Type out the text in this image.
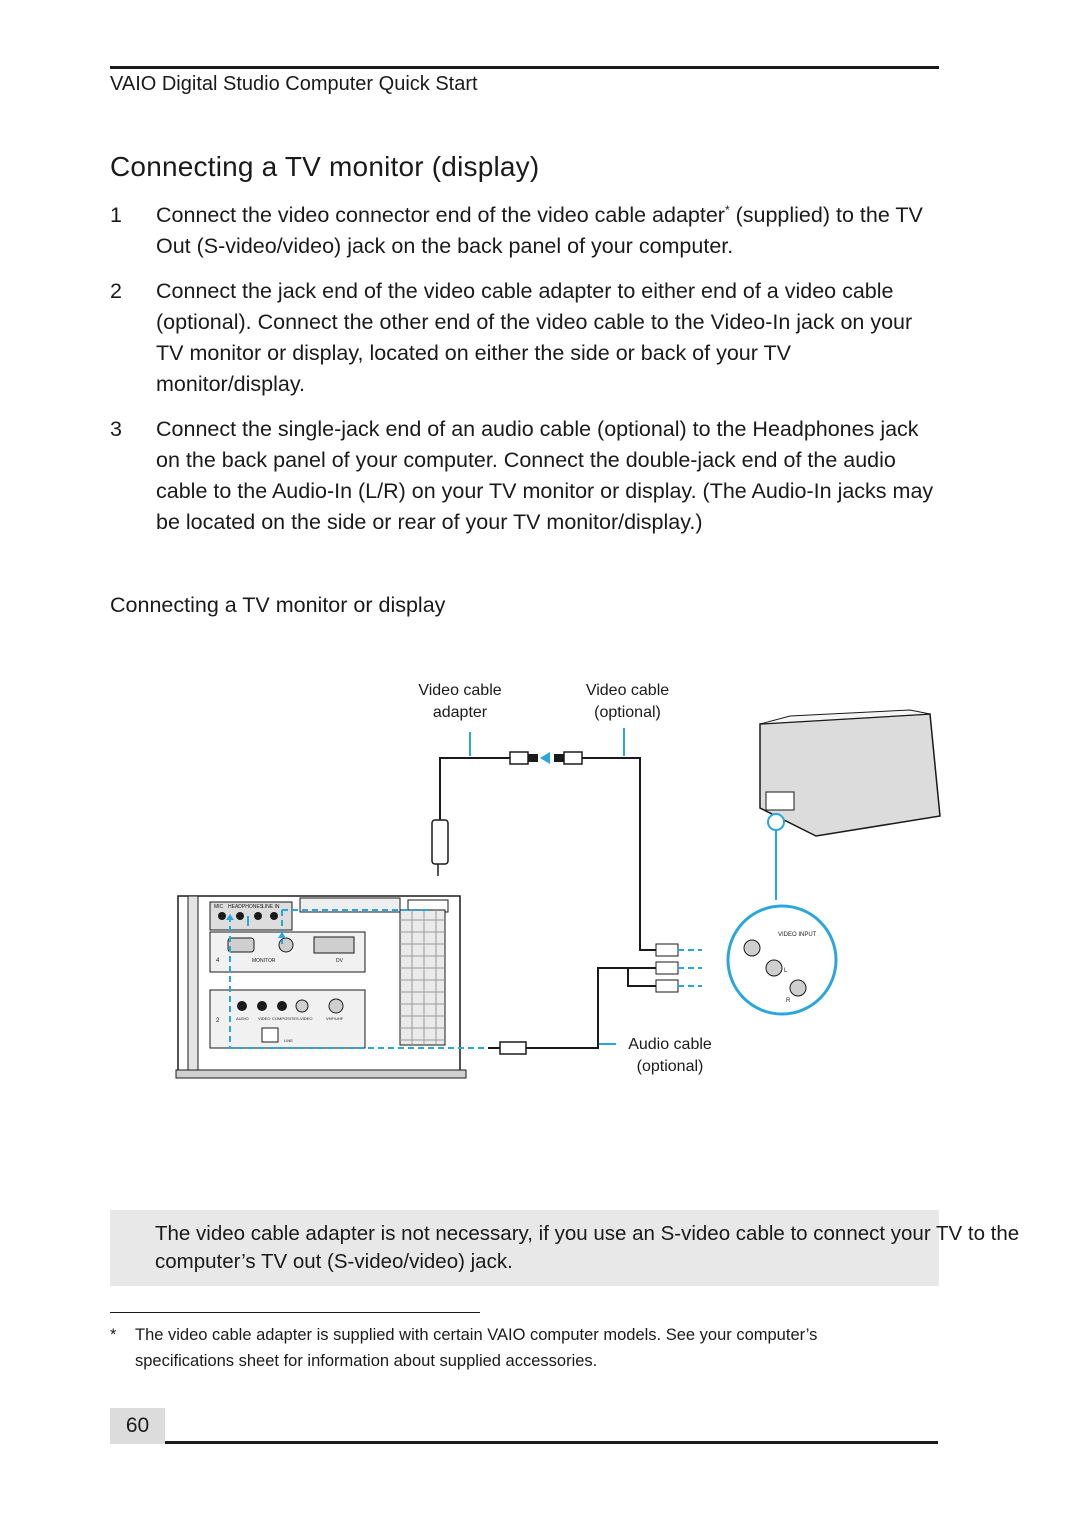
VAIO Digital Studio Computer Quick Start
Connecting a TV monitor (display)
1	Connect the video connector end of the video cable adapter* (supplied) to the TV Out (S-video/video) jack on the back panel of your computer.
2	Connect the jack end of the video cable adapter to either end of a video cable (optional). Connect the other end of the video cable to the Video-In jack on your TV monitor or display, located on either the side or back of your TV monitor/display.
3	Connect the single-jack end of an audio cable (optional) to the Headphones jack on the back panel of your computer. Connect the double-jack end of the audio cable to the Audio-In (L/R) on your TV monitor or display. (The Audio-In jacks may be located on the side or rear of your TV monitor/display.)
Connecting a TV monitor or display
Video cable
adapter
Video cable
(optional)
Audio cable
(optional)
MIC HEADPHONES
LINE IN
4	MONITOR	DV
2	AUDIO VIDEO COMPOSITE S-VIDEO	VHF/UHF
LINE
VIDEO INPUT
L
R
The video cable adapter is not necessary, if you use an S-video cable to connect your TV to the computer’s TV out (S-video/video) jack.
* The video cable adapter is supplied with certain VAIO computer models. See your computer’s specifications sheet for information about supplied accessories.
60
